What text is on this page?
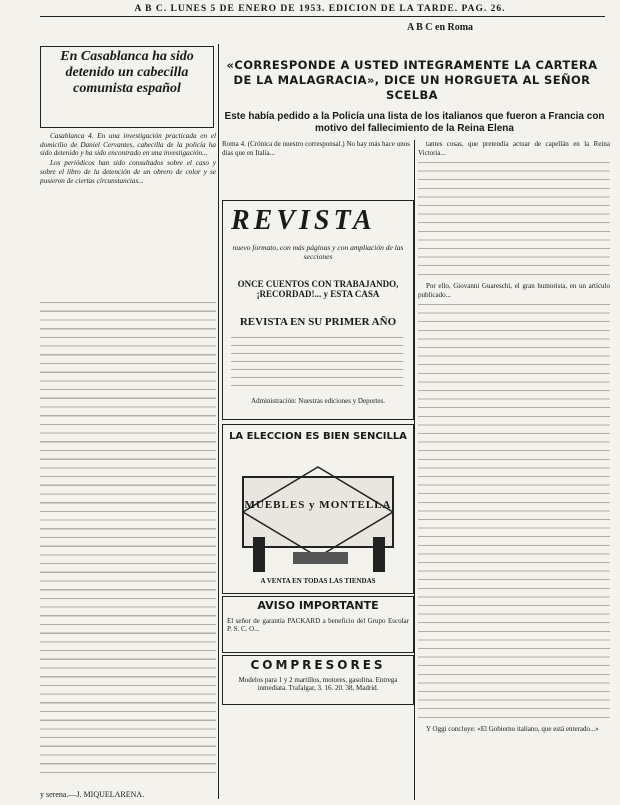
A B C. LUNES 5 DE ENERO DE 1953. EDICION DE LA TARDE. PAG. 26.
A B C en Roma
En Casablanca ha sido detenido un cabecilla comunista español

Casablanca 4. En una investigación practicada en el domicilio de Daniel Cervantes, cabecilla de la policía ha sido detenido y ha sido encontrado en una investigación...

Los periódicos han sido consultados sobre el caso y sobre el libro de la detención de un obrero de color y se pusieron de ciertas circunstancias...

y serena.—J. MIQUELARENA.
«CORRESPONDE A USTED INTEGRAMENTE LA CARTERA DE LA MALAGRACIA», DICE UN HORGUETA AL SEÑOR SCELBA
Este había pedido a la Policía una lista de los italianos que fueron a Francia con motivo del fallecimiento de la Reina Elena
Roma 4. (Crónica de nuestro corresponsal.) No hay más hace unos días que en Italia...

tantes cosas, que pretendía actuar de capellán en la Reina Victoria...

Por ello, Giovanni Guareschi, el gran humorista, en un artículo publicado...

Y Oggi concluye: «El Gobierno italiano, que está enterado...»

REVISTA
nuevo formato, con más páginas y con ampliación de las secciones
ONCE CUENTOS CON TRABAJANDO, ¡RECORDAD!... y ESTA CASA
REVISTA EN SU PRIMER AÑO
Administración: Nuestras ediciones y Deportes.
LA ELECCION ES BIEN SENCILLA
MUEBLES y MONTELLA
A VENTA EN TODAS LAS TIENDAS
AVISO IMPORTANTE
El señor de garantía PACKARD a beneficio del Grupo Escolar P. S. C. O...
COMPRESORES
Modelos para 1 y 2 martillos, motores, gasolina. Entrega inmediata. Trafalgar, 3. 16. 20. 38, Madrid.
